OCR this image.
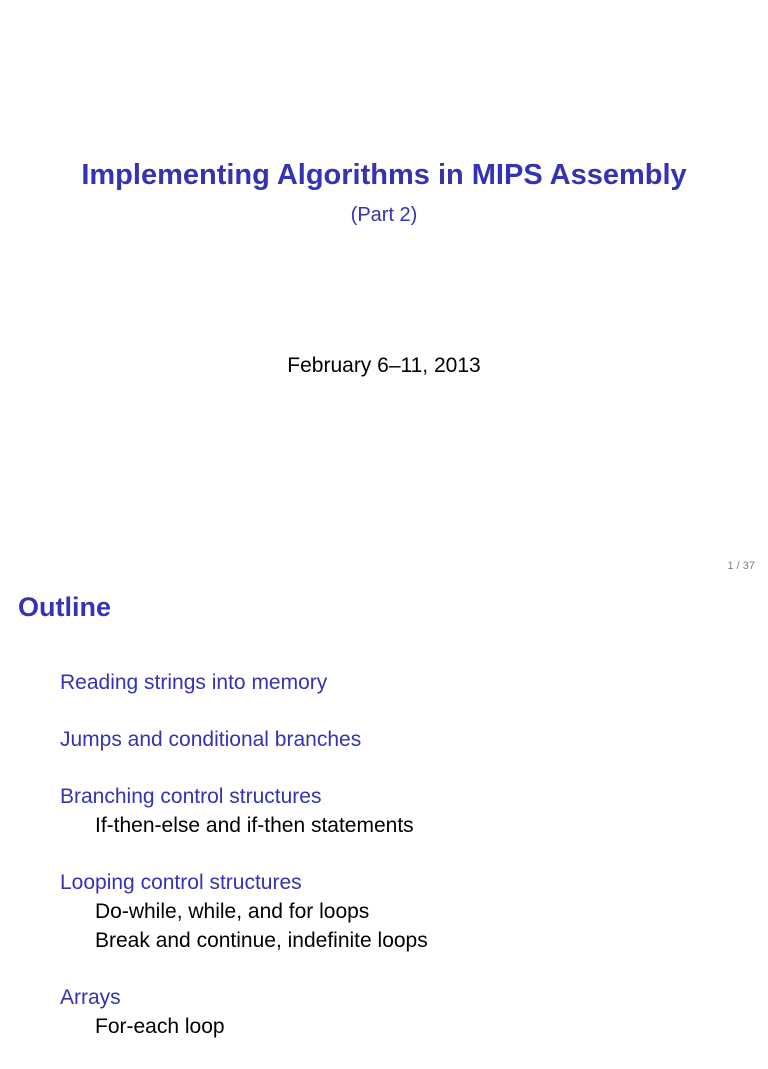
Implementing Algorithms in MIPS Assembly
(Part 2)
February 6–11, 2013
1 / 37
Outline
Reading strings into memory
Jumps and conditional branches
Branching control structures
If-then-else and if-then statements
Looping control structures
Do-while, while, and for loops
Break and continue, indefinite loops
Arrays
For-each loop
